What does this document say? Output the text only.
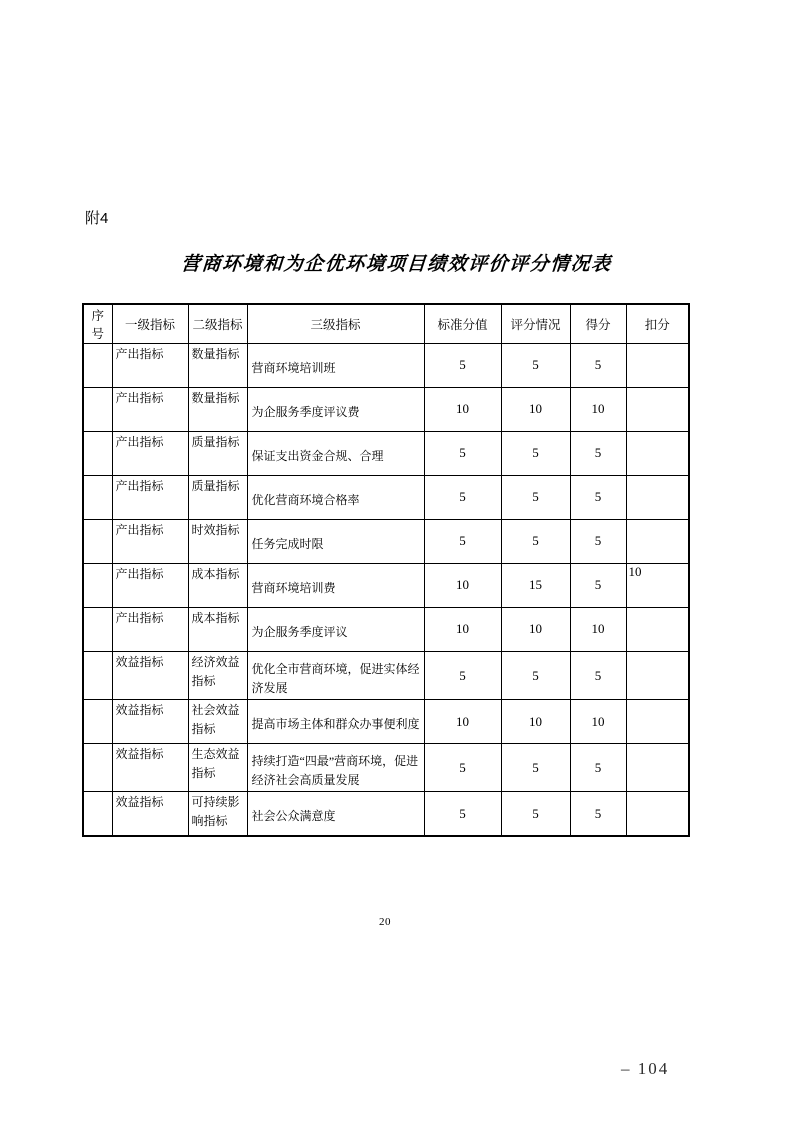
附4
营商环境和为企优环境项目绩效评价评分情况表
序号	一级指标	二级指标	三级指标	标准分值	评分情况	得分	扣分
	产出指标	数量指标	营商环境培训班	5	5	5	
	产出指标	数量指标	为企服务季度评议费	10	10	10	
	产出指标	质量指标	保证支出资金合规、合理	5	5	5	
	产出指标	质量指标	优化营商环境合格率	5	5	5	
	产出指标	时效指标	任务完成时限	5	5	5	
	产出指标	成本指标	营商环境培训费	10	15	5	10
	产出指标	成本指标	为企服务季度评议	10	10	10	
	效益指标	经济效益指标	优化全市营商环境，促进实体经济发展	5	5	5	
	效益指标	社会效益指标	提高市场主体和群众办事便利度	10	10	10	
	效益指标	生态效益指标	持续打造“四最”营商环境，促进经济社会高质量发展	5	5	5	
	效益指标	可持续影响指标	社会公众满意度	5	5	5	
20
– 104
